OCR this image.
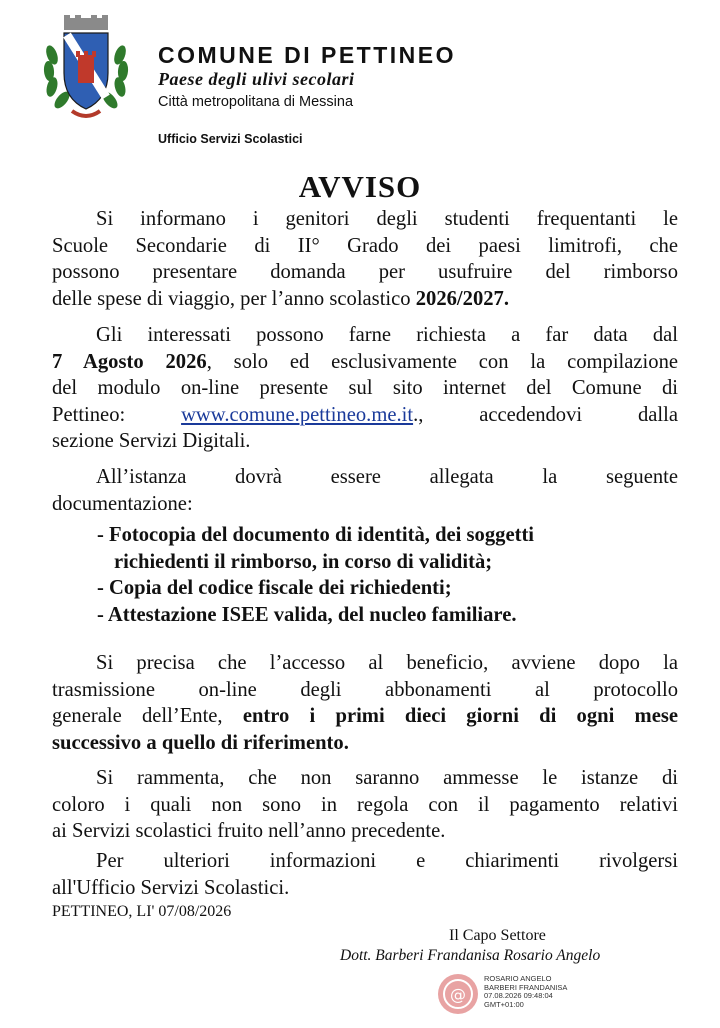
COMUNE DI PETTINEO
Paese degli ulivi secolari
Città metropolitana di Messina
Ufficio Servizi Scolastici
AVVISO
Si informano i genitori degli studenti frequentanti le
Scuole Secondarie di II° Grado dei paesi limitrofi, che
possono presentare domanda per usufruire del rimborso
delle spese di viaggio, per l’anno scolastico 2026/2027.
Gli interessati possono farne richiesta a far data dal
7 Agosto 2026, solo ed esclusivamente con la compilazione
del modulo on-line presente sul sito internet del Comune di
Pettineo: www.comune.pettineo.me.it., accedendovi dalla
sezione Servizi Digitali.
All’istanza dovrà essere allegata la seguente
documentazione:
- Fotocopia del documento di identità, dei soggetti
richiedenti il rimborso, in corso di validità;
- Copia del codice fiscale dei richiedenti;
- Attestazione ISEE valida, del nucleo familiare.
Si precisa che l’accesso al beneficio, avviene dopo la
trasmissione on-line degli abbonamenti al protocollo
generale dell’Ente, entro i primi dieci giorni di ogni mese
successivo a quello di riferimento.
Si rammenta, che non saranno ammesse le istanze di
coloro i quali non sono in regola con il pagamento relativi
ai Servizi scolastici fruito nell’anno precedente.
Per ulteriori informazioni e chiarimenti rivolgersi
all'Ufficio Servizi Scolastici.
PETTINEO, LI' 07/08/2026
Il Capo Settore
Dott. Barberi Frandanisa Rosario Angelo
@
ROSARIO ANGELO
BARBERI FRANDANISA
07.08.2026 09:48:04
GMT+01:00
